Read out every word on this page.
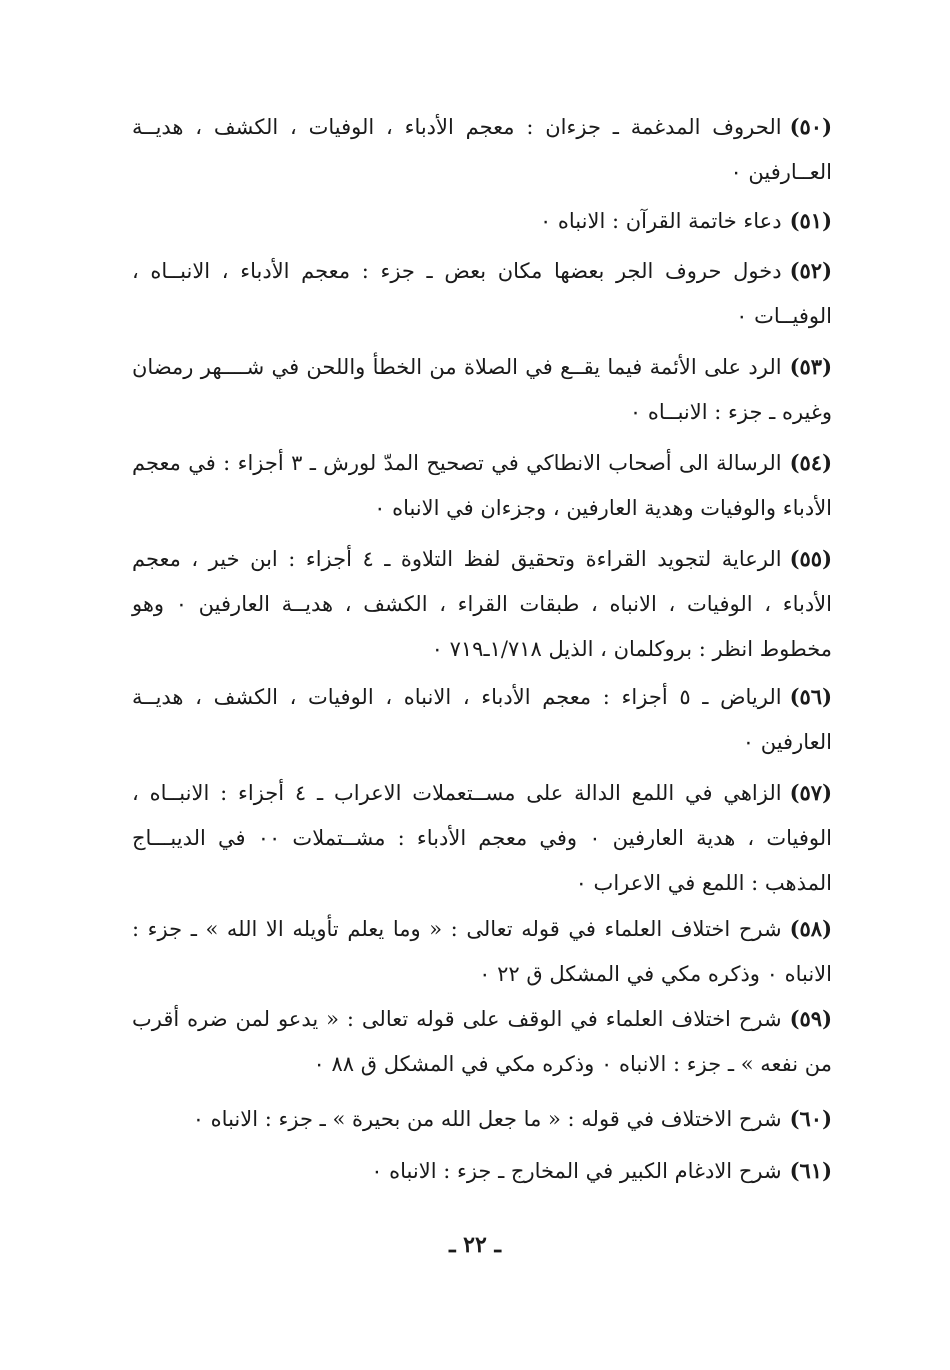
(٥٠)الحروف المدغمة ـ جزءان : معجم الأدباء ، الوفيات ، الكشف ، هديــة العــارفين ٠

(٥١)دعاء خاتمة القرآن : الانباه ٠

(٥٢)دخول حروف الجر بعضها مكان بعض ـ جزء : معجم الأدباء ، الانبــاه ، الوفيــات ٠

(٥٣)الرد على الأئمة فيما يقــع في الصلاة من الخطأ واللحن في شــــهر رمضان وغيره ـ جزء : الانبــاه ٠

(٥٤)الرسالة الى أصحاب الانطاكي في تصحيح المدّ لورش ـ ٣ أجزاء : في معجم الأدباء والوفيات وهدية العارفين ، وجزءان في الانباه ٠

(٥٥)الرعاية لتجويد القراءة وتحقيق لفظ التلاوة ـ ٤ أجزاء : ابن خير ، معجم الأدباء ، الوفيات ، الانباه ، طبقات القراء ، الكشف ، هديــة العارفين ٠ وهو مخطوط انظر : بروكلمان ، الذيل ١/٧١٨ـ٧١٩ ٠

(٥٦)الرياض ـ ٥ أجزاء : معجم الأدباء ، الانباه ، الوفيات ، الكشف ، هديــة العارفين ٠

(٥٧)الزاهي في اللمع الدالة على مســتعملات الاعراب ـ ٤ أجزاء : الانبــاه ، الوفيات ، هدية العارفين ٠ وفي معجم الأدباء : مشــتملات ٠٠ في الديبـــاج المذهب : اللمع في الاعراب ٠

(٥٨)شرح اختلاف العلماء في قوله تعالى : « وما يعلم تأويله الا الله » ـ جزء : الانباه ٠ وذكره مكي في المشكل ق ٢٢ ٠

(٥٩)شرح اختلاف العلماء في الوقف على قوله تعالى : « يدعو لمن ضره أقرب من نفعه » ـ جزء : الانباه ٠ وذكره مكي في المشكل ق ٨٨ ٠

(٦٠)شرح الاختلاف في قوله : « ما جعل الله من بحيرة » ـ جزء : الانباه ٠

(٦١)شرح الادغام الكبير في المخارج ـ جزء : الانباه ٠

ـ ٢٢ ـ
